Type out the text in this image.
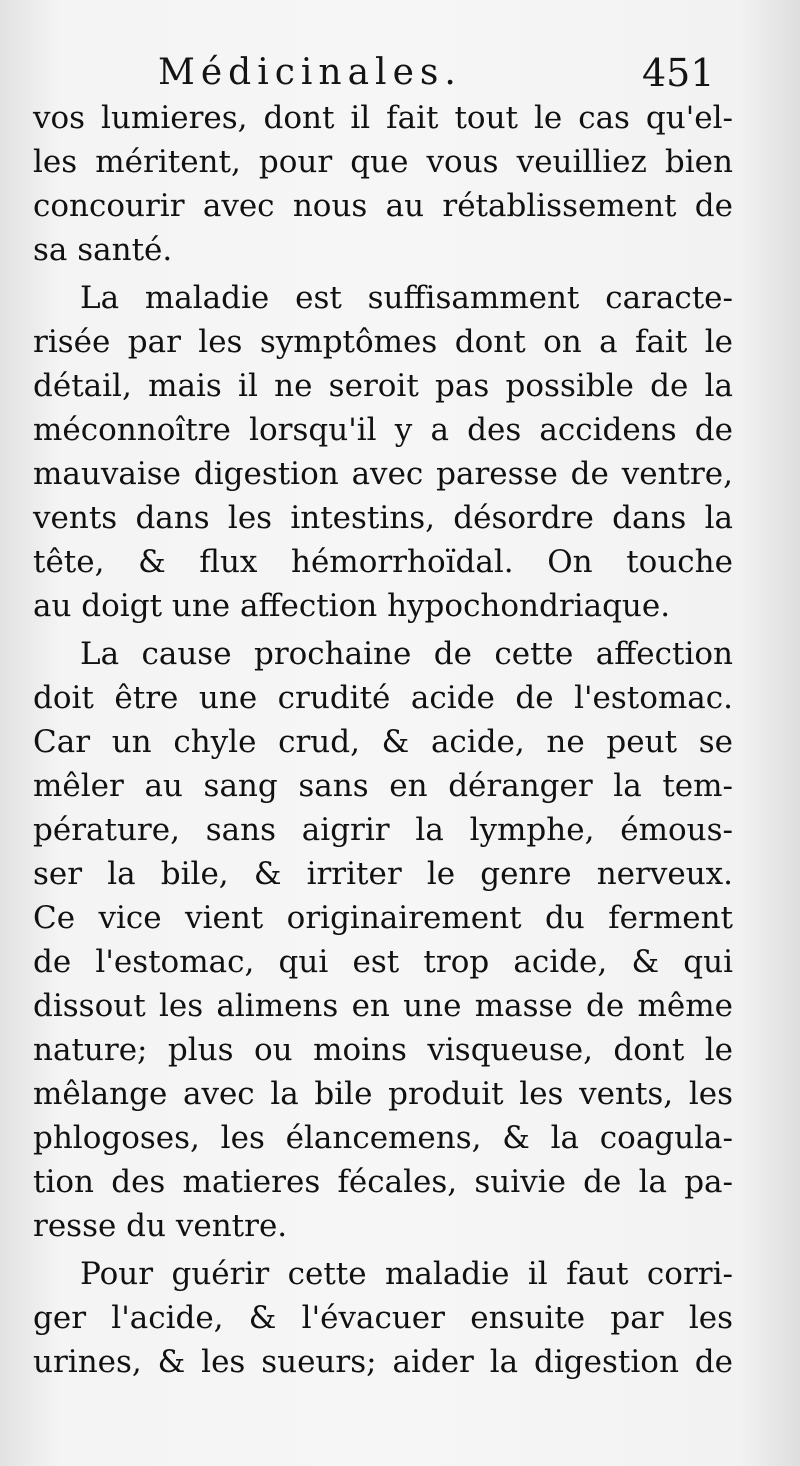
Médicinales.	451
vos lumieres, dont il fait tout le cas qu'el-
les méritent, pour que vous veuilliez bien
concourir avec nous au rétablissement de
sa santé.
La maladie est suffisamment caracte-
risée par les symptômes dont on a fait le
détail, mais il ne seroit pas possible de la
méconnoître lorsqu'il y a des accidens de
mauvaise digestion avec paresse de ventre,
vents dans les intestins, désordre dans la
tête, & flux hémorrhoïdal. On touche
au doigt une affection hypochondriaque.
La cause prochaine de cette affection
doit être une crudité acide de l'estomac.
Car un chyle crud, & acide, ne peut se
mêler au sang sans en déranger la tem-
pérature, sans aigrir la lymphe, émous-
ser la bile, & irriter le genre nerveux.
Ce vice vient originairement du ferment
de l'estomac, qui est trop acide, & qui
dissout les alimens en une masse de même
nature; plus ou moins visqueuse, dont le
mêlange avec la bile produit les vents, les
phlogoses, les élancemens, & la coagula-
tion des matieres fécales, suivie de la pa-
resse du ventre.
Pour guérir cette maladie il faut corri-
ger l'acide, & l'évacuer ensuite par les
urines, & les sueurs; aider la digestion de
